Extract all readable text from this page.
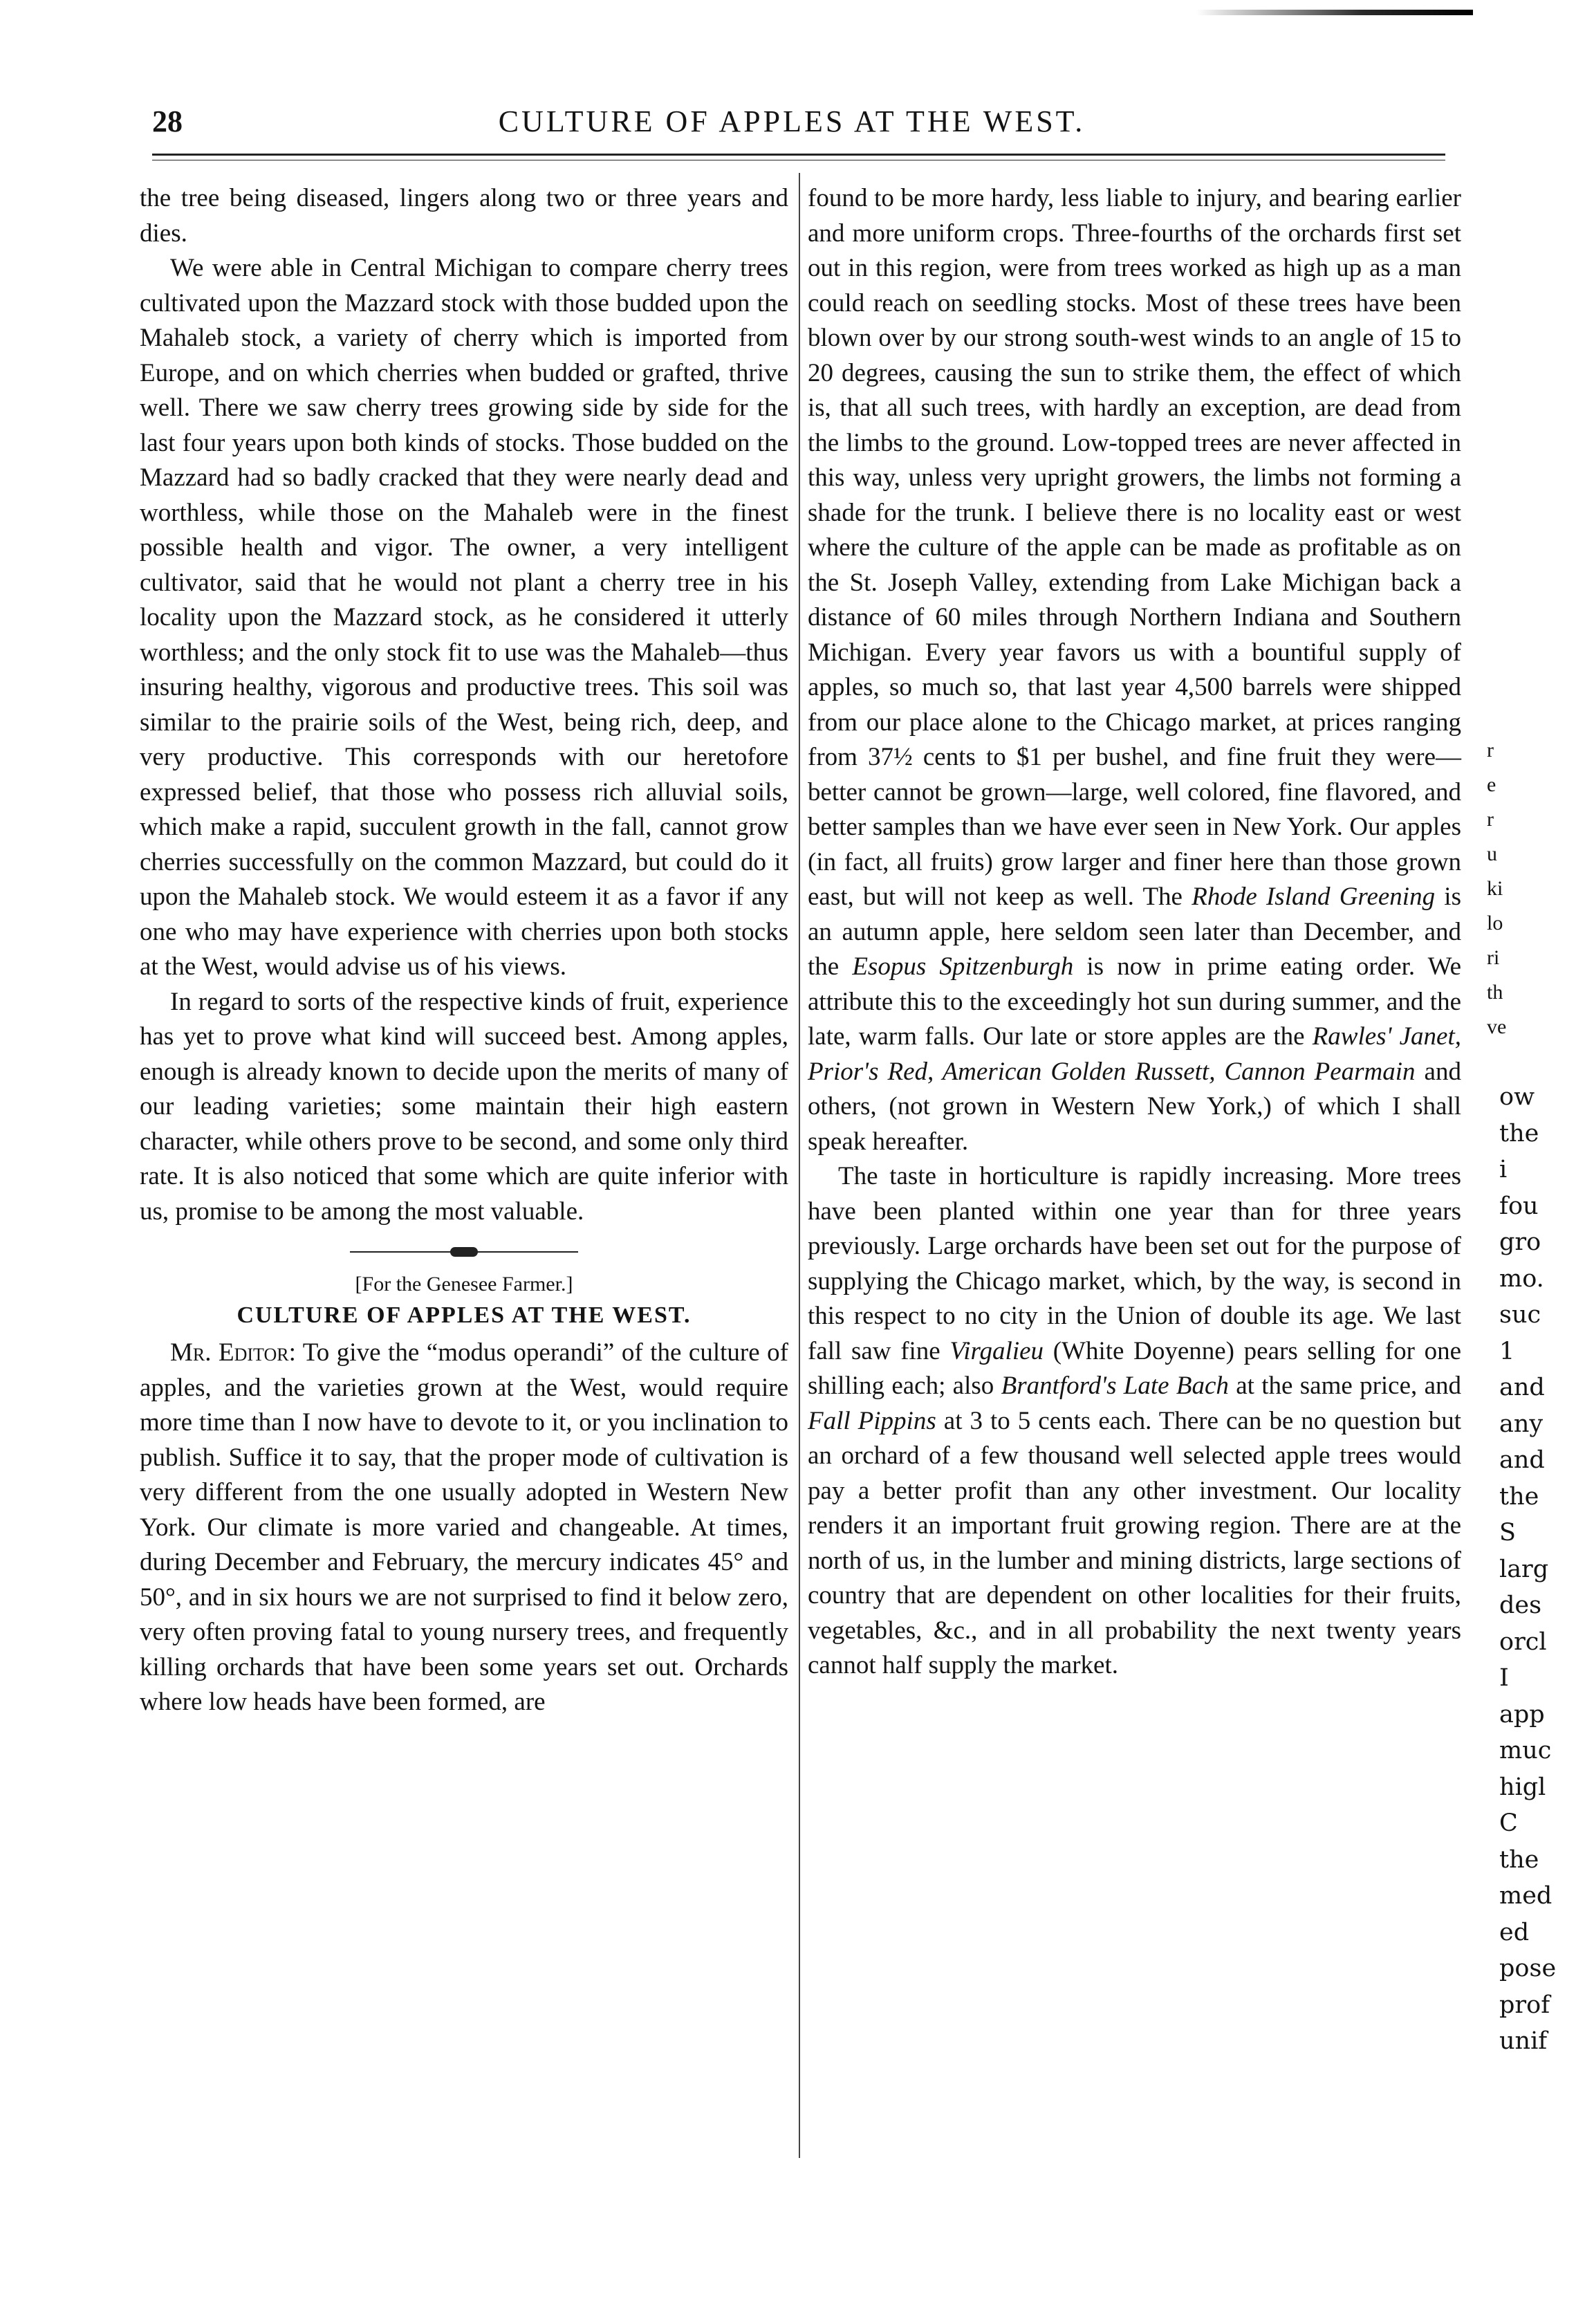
28	CULTURE OF APPLES AT THE WEST.

the tree being diseased, lingers along two or three years and dies.

We were able in Central Michigan to compare cherry trees cultivated upon the Mazzard stock with those budded upon the Mahaleb stock, a variety of cherry which is imported from Europe, and on which cherries when budded or grafted, thrive well. There we saw cherry trees growing side by side for the last four years upon both kinds of stocks. Those budded on the Mazzard had so badly cracked that they were nearly dead and worthless, while those on the Mahaleb were in the finest possible health and vigor. The owner, a very intelligent cultivator, said that he would not plant a cherry tree in his locality upon the Mazzard stock, as he considered it utterly worthless; and the only stock fit to use was the Mahaleb—thus insuring healthy, vigorous and productive trees. This soil was similar to the prairie soils of the West, being rich, deep, and very productive. This corresponds with our heretofore expressed belief, that those who possess rich alluvial soils, which make a rapid, succulent growth in the fall, cannot grow cherries successfully on the common Mazzard, but could do it upon the Mahaleb stock. We would esteem it as a favor if any one who may have experience with cherries upon both stocks at the West, would advise us of his views.

In regard to sorts of the respective kinds of fruit, experience has yet to prove what kind will succeed best. Among apples, enough is already known to decide upon the merits of many of our leading varieties; some maintain their high eastern character, while others prove to be second, and some only third rate. It is also noticed that some which are quite inferior with us, promise to be among the most valuable.

[For the Genesee Farmer.]
CULTURE OF APPLES AT THE WEST.

Mr. Editor: To give the “modus operandi” of the culture of apples, and the varieties grown at the West, would require more time than I now have to devote to it, or you inclination to publish. Suffice it to say, that the proper mode of cultivation is very different from the one usually adopted in Western New York. Our climate is more varied and changeable. At times, during December and February, the mercury indicates 45° and 50°, and in six hours we are not surprised to find it below zero, very often proving fatal to young nursery trees, and frequently killing orchards that have been some years set out. Orchards where low heads have been formed, are

found to be more hardy, less liable to injury, and bearing earlier and more uniform crops. Three-fourths of the orchards first set out in this region, were from trees worked as high up as a man could reach on seedling stocks. Most of these trees have been blown over by our strong south-west winds to an angle of 15 to 20 degrees, causing the sun to strike them, the effect of which is, that all such trees, with hardly an exception, are dead from the limbs to the ground. Low-topped trees are never affected in this way, unless very upright growers, the limbs not forming a shade for the trunk. I believe there is no locality east or west where the culture of the apple can be made as profitable as on the St. Joseph Valley, extending from Lake Michigan back a distance of 60 miles through Northern Indiana and Southern Michigan. Every year favors us with a bountiful supply of apples, so much so, that last year 4,500 barrels were shipped from our place alone to the Chicago market, at prices ranging from 37½ cents to $1 per bushel, and fine fruit they were—better cannot be grown—large, well colored, fine flavored, and better samples than we have ever seen in New York. Our apples (in fact, all fruits) grow larger and finer here than those grown east, but will not keep as well. The Rhode Island Greening is an autumn apple, here seldom seen later than December, and the Esopus Spitzenburgh is now in prime eating order. We attribute this to the exceedingly hot sun during summer, and the late, warm falls. Our late or store apples are the Rawles' Janet, Prior's Red, American Golden Russett, Cannon Pearmain and others, (not grown in Western New York,) of which I shall speak hereafter.

The taste in horticulture is rapidly increasing. More trees have been planted within one year than for three years previously. Large orchards have been set out for the purpose of supplying the Chicago market, which, by the way, is second in this respect to no city in the Union of double its age. We last fall saw fine Virgalieu (White Doyenne) pears selling for one shilling each; also Brantford's Late Bach at the same price, and Fall Pippins at 3 to 5 cents each. There can be no question but an orchard of a few thousand well selected apple trees would pay a better profit than any other investment. Our locality renders it an important fruit growing region. There are at the north of us, in the lumber and mining districts, large sections of country that are dependent on other localities for their fruits, vegetables, &c., and in all probability the next twenty years cannot half supply the market.

ow
the
i
fou
gro
mo.
suc
1
and
any
and
the
S
larg
des
orcl
I
app
muc
higl
C
the
med
ed
pose
prof
unif
r
e
r
u
ki
lo
ri
th
ve
